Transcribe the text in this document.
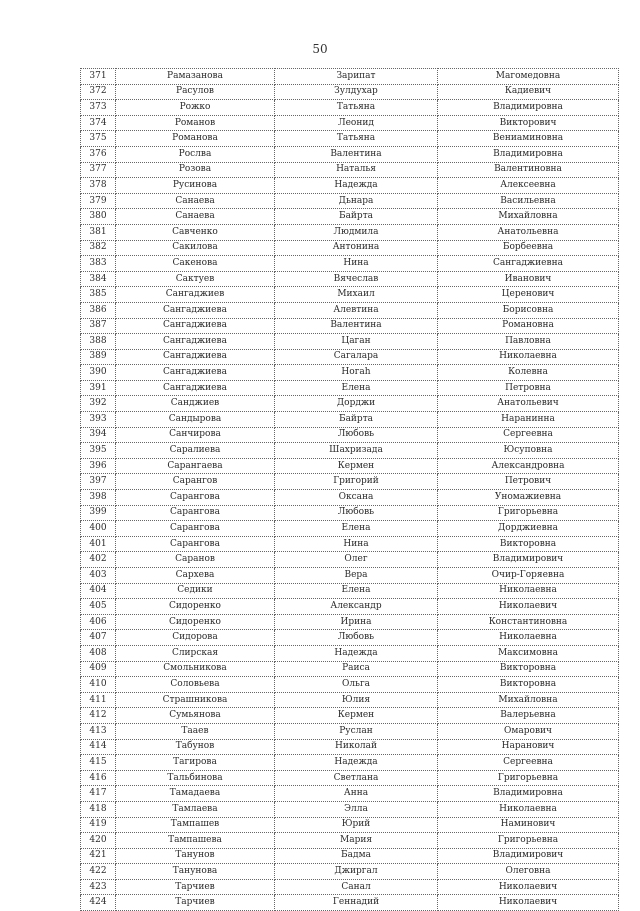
50
371	Рамазанова	Зарипат	Магомедовна
372	Расулов	Зулдухар	Кадиевич
373	Рожко	Татьяна	Владимировна
374	Романов	Леонид	Викторович
375	Романова	Татьяна	Вениаминовна
376	Рослва	Валентина	Владимировна
377	Розова	Наталья	Валентиновна
378	Русинова	Надежда	Алексеевна
379	Санаева	Дьнара	Васильевна
380	Санаева	Байрта	Михайловна
381	Савченко	Людмила	Анатольевна
382	Сакилова	Антонина	Борбеевна
383	Сакенова	Нина	Сангаджиевна
384	Сактуев	Вячеслав	Иванович
385	Сангаджиев	Михаил	Церенович
386	Сангаджиева	Алевтина	Борисовна
387	Сангаджиева	Валентина	Романовна
388	Сангаджиева	Цаган	Павловна
389	Сангаджиева	Сагалара	Николаевна
390	Сангаджиева	Ногаh	Колевна
391	Сангаджиева	Елена	Петровна
392	Санджиев	Дорджи	Анатольевич
393	Сандырова	Байрта	Наранинна
394	Санчирова	Любовь	Сергеевна
395	Саралиева	Шахризада	Юсуповна
396	Сарангаева	Кермен	Александровна
397	Сарангов	Григорий	Петрович
398	Сарангова	Оксана	Уномажиевна
399	Сарангова	Любовь	Григорьевна
400	Сарангова	Елена	Дорджиевна
401	Сарангова	Нина	Викторовна
402	Саранов	Олег	Владимирович
403	Сархева	Вера	Очир-Горяевна
404	Седики	Елена	Николаевна
405	Сидоренко	Александр	Николаевич
406	Сидоренко	Ирина	Константиновна
407	Сидорова	Любовь	Николаевна
408	Слирская	Надежда	Максимовна
409	Смольникова	Раиса	Викторовна
410	Соловьева	Ольга	Викторовна
411	Страшникова	Юлия	Михайловна
412	Сумьянова	Кермен	Валерьевна
413	Тааев	Руслан	Омарович
414	Табунов	Николай	Наранович
415	Тагирова	Надежда	Сергеевна
416	Тальбинова	Светлана	Григорьевна
417	Тамадаева	Анна	Владимировна
418	Тамлаева	Элла	Николаевна
419	Тампашев	Юрий	Наминович
420	Тампашева	Мария	Григорьевна
421	Танунов	Бадма	Владимирович
422	Танунова	Джиргал	Олеговна
423	Тарчиев	Санал	Николаевич
424	Тарчиев	Геннадий	Николаевич
